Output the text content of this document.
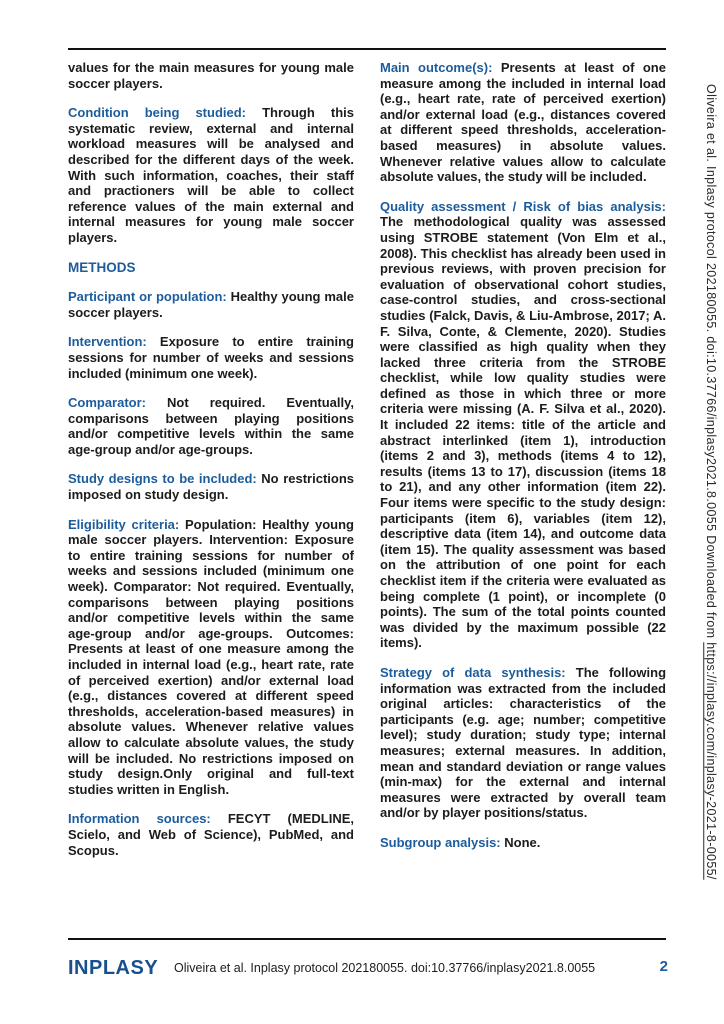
values for the main measures for young male soccer players.

Condition being studied: Through this systematic review, external and internal workload measures will be analysed and described for the different days of the week. With such information, coaches, their staff and practioners will be able to collect reference values of the main external and internal measures for young male soccer players.

METHODS

Participant or population: Healthy young male soccer players.

Intervention: Exposure to entire training sessions for number of weeks and sessions included (minimum one week).

Comparator: Not required. Eventually, comparisons between playing positions and/or competitive levels within the same age-group and/or age-groups.

Study designs to be included: No restrictions imposed on study design.

Eligibility criteria: Population: Healthy young male soccer players. Intervention: Exposure to entire training sessions for number of weeks and sessions included (minimum one week). Comparator: Not required. Eventually, comparisons between playing positions and/or competitive levels within the same age-group and/or age-groups. Outcomes: Presents at least of one measure among the included in internal load (e.g., heart rate, rate of perceived exertion) and/or external load (e.g., distances covered at different speed thresholds, acceleration-based measures) in absolute values. Whenever relative values allow to calculate absolute values, the study will be included. No restrictions imposed on study design.Only original and full-text studies written in English.

Information sources: FECYT (MEDLINE, Scielo, and Web of Science), PubMed, and Scopus.

Main outcome(s): Presents at least of one measure among the included in internal load (e.g., heart rate, rate of perceived exertion) and/or external load (e.g., distances covered at different speed thresholds, acceleration-based measures) in absolute values. Whenever relative values allow to calculate absolute values, the study will be included.

Quality assessment / Risk of bias analysis: The methodological quality was assessed using STROBE statement (Von Elm et al., 2008). This checklist has already been used in previous reviews, with proven precision for evaluation of observational cohort studies, case-control studies, and cross-sectional studies (Falck, Davis, & Liu-Ambrose, 2017; A. F. Silva, Conte, & Clemente, 2020). Studies were classified as high quality when they lacked three criteria from the STROBE checklist, while low quality studies were defined as those in which three or more criteria were missing (A. F. Silva et al., 2020). It included 22 items: title of the article and abstract interlinked (item 1), introduction (items 2 and 3), methods (items 4 to 12), results (items 13 to 17), discussion (items 18 to 21), and any other information (item 22). Four items were specific to the study design: participants (item 6), variables (item 12), descriptive data (item 14), and outcome data (item 15). The quality assessment was based on the attribution of one point for each checklist item if the criteria were evaluated as being complete (1 point), or incomplete (0 points). The sum of the total points counted was divided by the maximum possible (22 items).

Strategy of data synthesis: The following information was extracted from the included original articles: characteristics of the participants (e.g. age; number; competitive level); study duration; study type; internal measures; external measures. In addition, mean and standard deviation or range values (min-max) for the external and internal measures were extracted by overall team and/or by player positions/status.

Subgroup analysis: None.

Oliveira et al. Inplasy protocol 202180055. doi:10.37766/inplasy2021.8.0055 Downloaded from https://inplasy.com/inplasy-2021-8-0055/
INPLASY Oliveira et al. Inplasy protocol 202180055. doi:10.37766/inplasy2021.8.0055	2
